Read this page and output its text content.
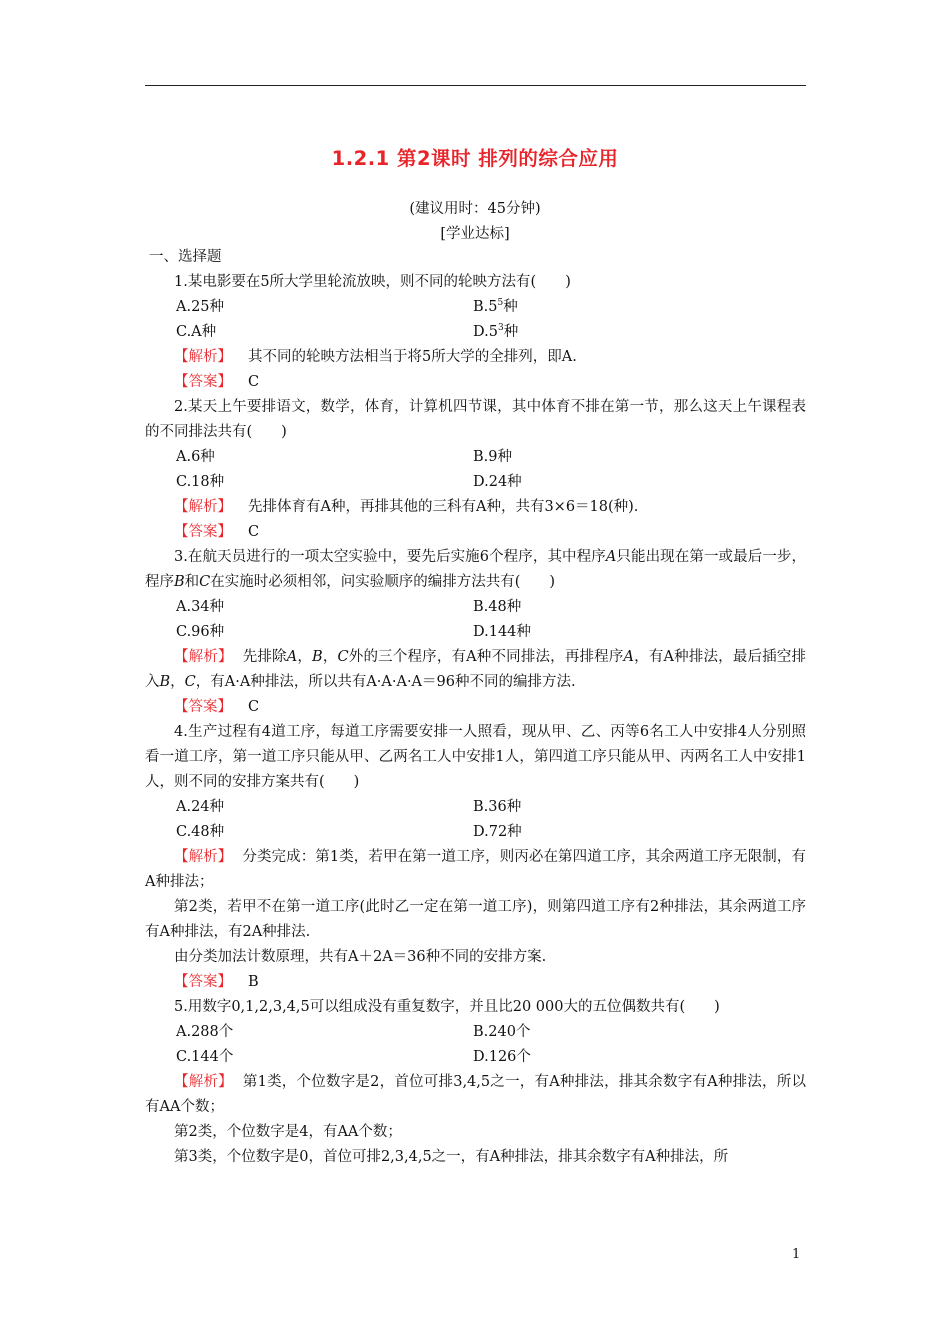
1.2.1 第2课时 排列的综合应用
(建议用时：45分钟)
[学业达标]

一、选择题

1.某电影要在5所大学里轮流放映，则不同的轮映方法有(　　)

A.25种	$B.5^5$种
C.A种	$D.5^3$种

【解析】 其不同的轮映方法相当于将5所大学的全排列，即A.

【答案】 C

2.某天上午要排语文，数学，体育，计算机四节课，其中体育不排在第一节，那么这天上午课程表的不同排法共有(　　)

A.6种	B.9种
C.18种	D.24种

【解析】 先排体育有A种，再排其他的三科有A种，共有3×6＝18(种).

【答案】 C

3.在航天员进行的一项太空实验中，要先后实施6个程序，其中程序A只能出现在第一或最后一步，程序B和C在实施时必须相邻，问实验顺序的编排方法共有(　　)

A.34种	B.48种
C.96种	D.144种

【解析】 先排除A，B，C外的三个程序，有A种不同排法，再排程序A，有A种排法，最后插空排入B，C，有A·A种排法，所以共有A·A·A·A＝96种不同的编排方法.

【答案】 C

4.生产过程有4道工序，每道工序需要安排一人照看，现从甲、乙、丙等6名工人中安排4人分别照看一道工序，第一道工序只能从甲、乙两名工人中安排1人，第四道工序只能从甲、丙两名工人中安排1人，则不同的安排方案共有(　　)

A.24种	B.36种
C.48种	D.72种

【解析】 分类完成：第1类，若甲在第一道工序，则丙必在第四道工序，其余两道工序无限制，有A种排法；

第2类，若甲不在第一道工序(此时乙一定在第一道工序)，则第四道工序有2种排法，其余两道工序有A种排法，有2A种排法.

由分类加法计数原理，共有A＋2A＝36种不同的安排方案.

【答案】 B

5.用数字0,1,2,3,4,5可以组成没有重复数字，并且比20 000大的五位偶数共有(　　)

A.288个	B.240个
C.144个	D.126个

【解析】 第1类，个位数字是2，首位可排3,4,5之一，有A种排法，排其余数字有A种排法，所以有AA个数；

第2类，个位数字是4，有AA个数；

第3类，个位数字是0，首位可排2,3,4,5之一，有A种排法，排其余数字有A种排法，所

1
